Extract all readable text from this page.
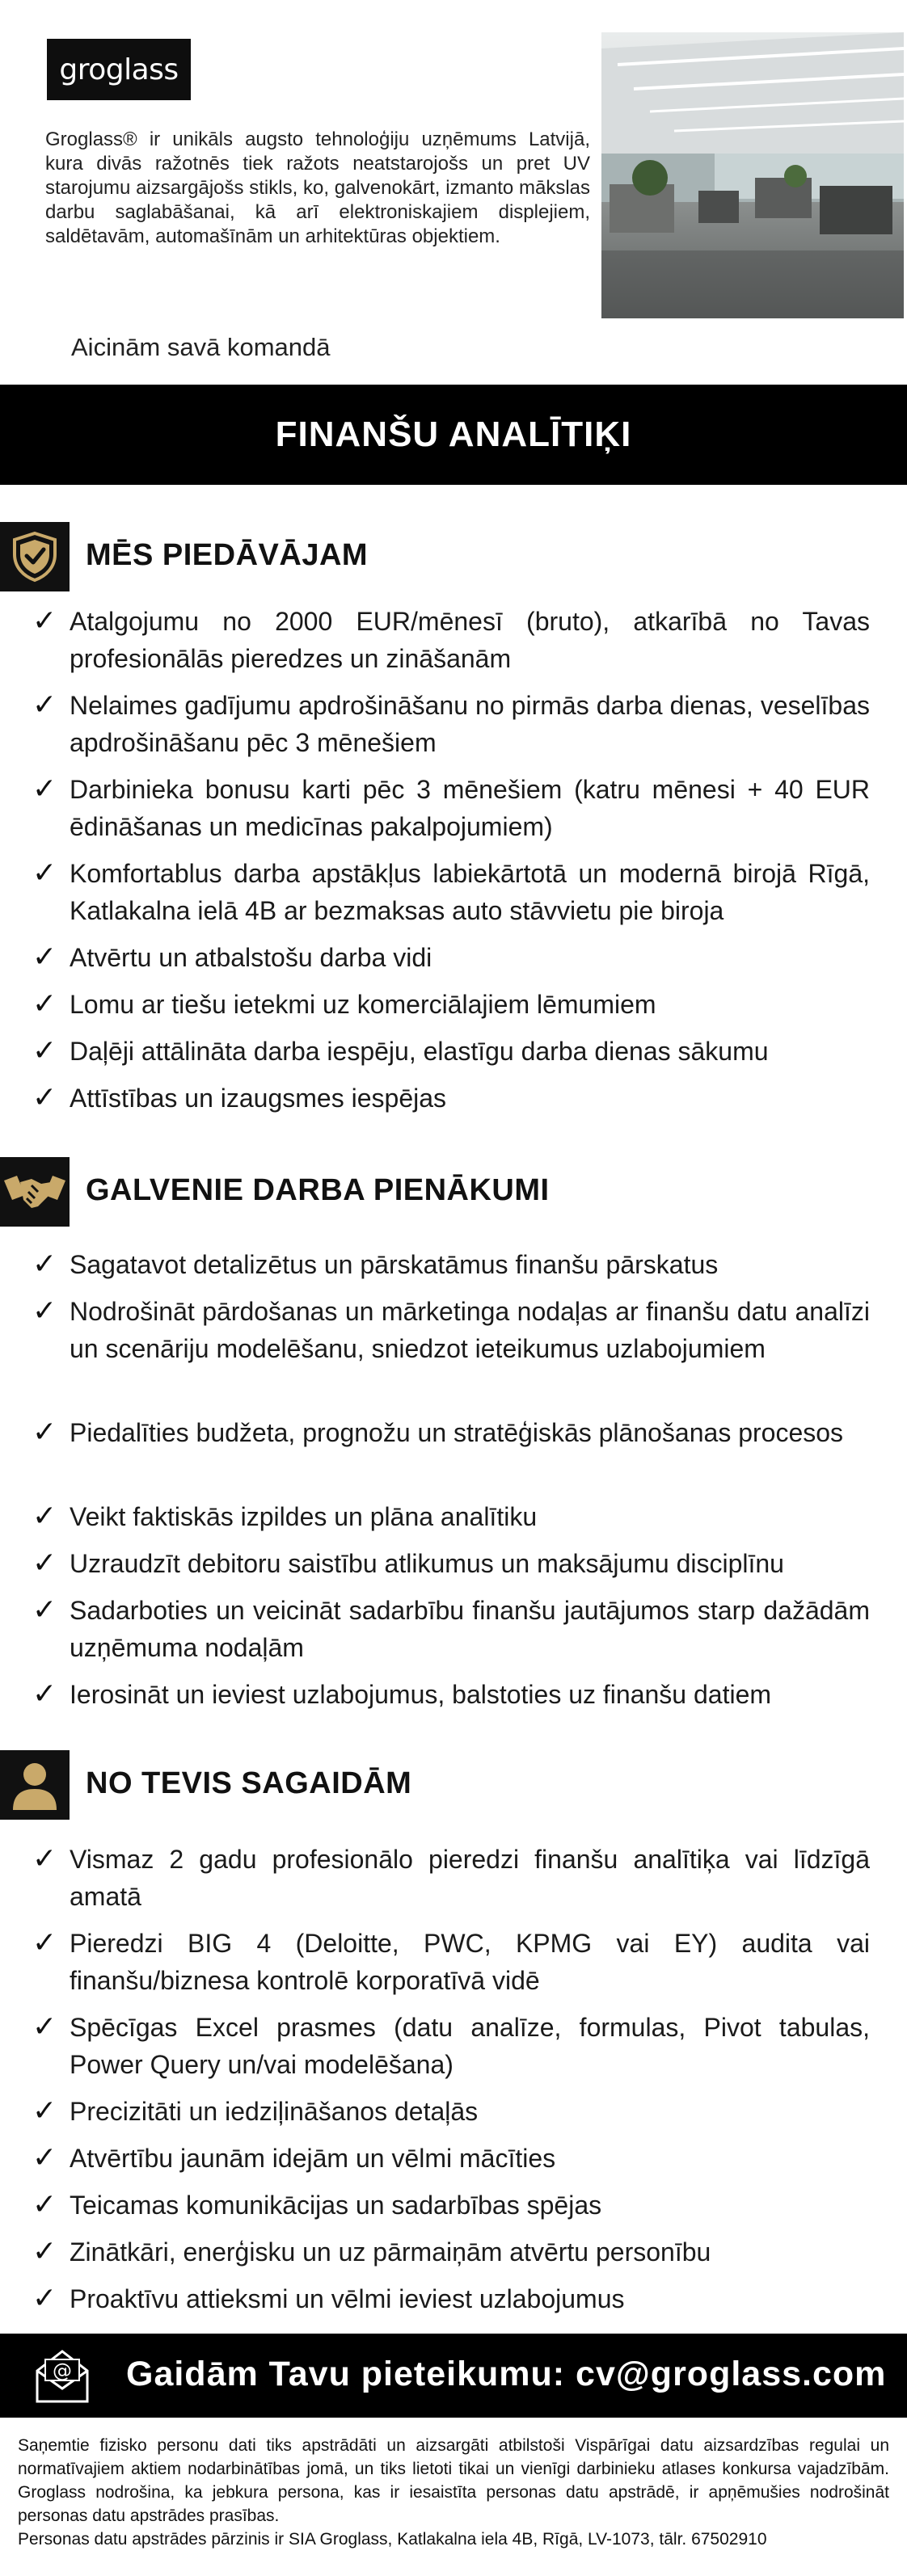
groglass

Groglass® ir unikāls augsto tehnoloģiju uzņēmums Latvijā, kura divās ražotnēs tiek ražots neatstarojošs un pret UV starojumu aizsargājošs stikls, ko, galvenokārt, izmanto mākslas darbu saglabāšanai, kā arī elektroniskajiem displejiem, saldētavām, automašīnām un arhitektūras objektiem.

Aicinām savā komandā
FINANŠU ANALĪTIĶI
MĒS PIEDĀVĀJAM
✓ Atalgojumu no 2000 EUR/mēnesī (bruto), atkarībā no Tavas profesionālās pieredzes un zināšanām
✓ Nelaimes gadījumu apdrošināšanu no pirmās darba dienas, veselības apdrošināšanu pēc 3 mēnešiem
✓ Darbinieka bonusu karti pēc 3 mēnešiem (katru mēnesi + 40 EUR ēdināšanas un medicīnas pakalpojumiem)
✓ Komfortablus darba apstākļus labiekārtotā un modernā birojā Rīgā, Katlakalna ielā 4B ar bezmaksas auto stāvvietu pie biroja
✓ Atvērtu un atbalstošu darba vidi
✓ Lomu ar tiešu ietekmi uz komerciālajiem lēmumiem
✓ Daļēji attālināta darba iespēju, elastīgu darba dienas sākumu
✓ Attīstības un izaugsmes iespējas
GALVENIE DARBA PIENĀKUMI
✓ Sagatavot detalizētus un pārskatāmus finanšu pārskatus
✓ Nodrošināt pārdošanas un mārketinga nodaļas ar finanšu datu analīzi un scenāriju modelēšanu, sniedzot ieteikumus uzlabojumiem
✓ Piedalīties budžeta, prognožu un stratēģiskās plānošanas procesos
✓ Veikt faktiskās izpildes un plāna analītiku
✓ Uzraudzīt debitoru saistību atlikumus un maksājumu disciplīnu
✓ Sadarboties un veicināt sadarbību finanšu jautājumos starp dažādām uzņēmuma nodaļām
✓ Ierosināt un ieviest uzlabojumus, balstoties uz finanšu datiem
NO TEVIS SAGAIDĀM
✓ Vismaz 2 gadu profesionālo pieredzi finanšu analītiķa vai līdzīgā amatā
✓ Pieredzi BIG 4 (Deloitte, PWC, KPMG vai EY) audita vai finanšu/biznesa kontrolē korporatīvā vidē
✓ Spēcīgas Excel prasmes (datu analīze, formulas, Pivot tabulas, Power Query un/vai modelēšana)
✓ Precizitāti un iedziļināšanos detaļās
✓ Atvērtību jaunām idejām un vēlmi mācīties
✓ Teicamas komunikācijas un sadarbības spējas
✓ Zinātkāri, enerģisku un uz pārmaiņām atvērtu personību
✓ Proaktīvu attieksmi un vēlmi ieviest uzlabojumus
@ Gaidām Tavu pieteikumu: cv@groglass.com

Saņemtie fizisko personu dati tiks apstrādāti un aizsargāti atbilstoši Vispārīgai datu aizsardzības regulai un normatīvajiem aktiem nodarbinātības jomā, un tiks lietoti tikai un vienīgi darbinieku atlases konkursa vajadzībām. Groglass nodrošina, ka jebkura persona, kas ir iesaistīta personas datu apstrādē, ir apņēmušies nodrošināt personas datu apstrādes prasības.

Personas datu apstrādes pārzinis ir SIA Groglass, Katlakalna iela 4B, Rīgā, LV-1073, tālr. 67502910
